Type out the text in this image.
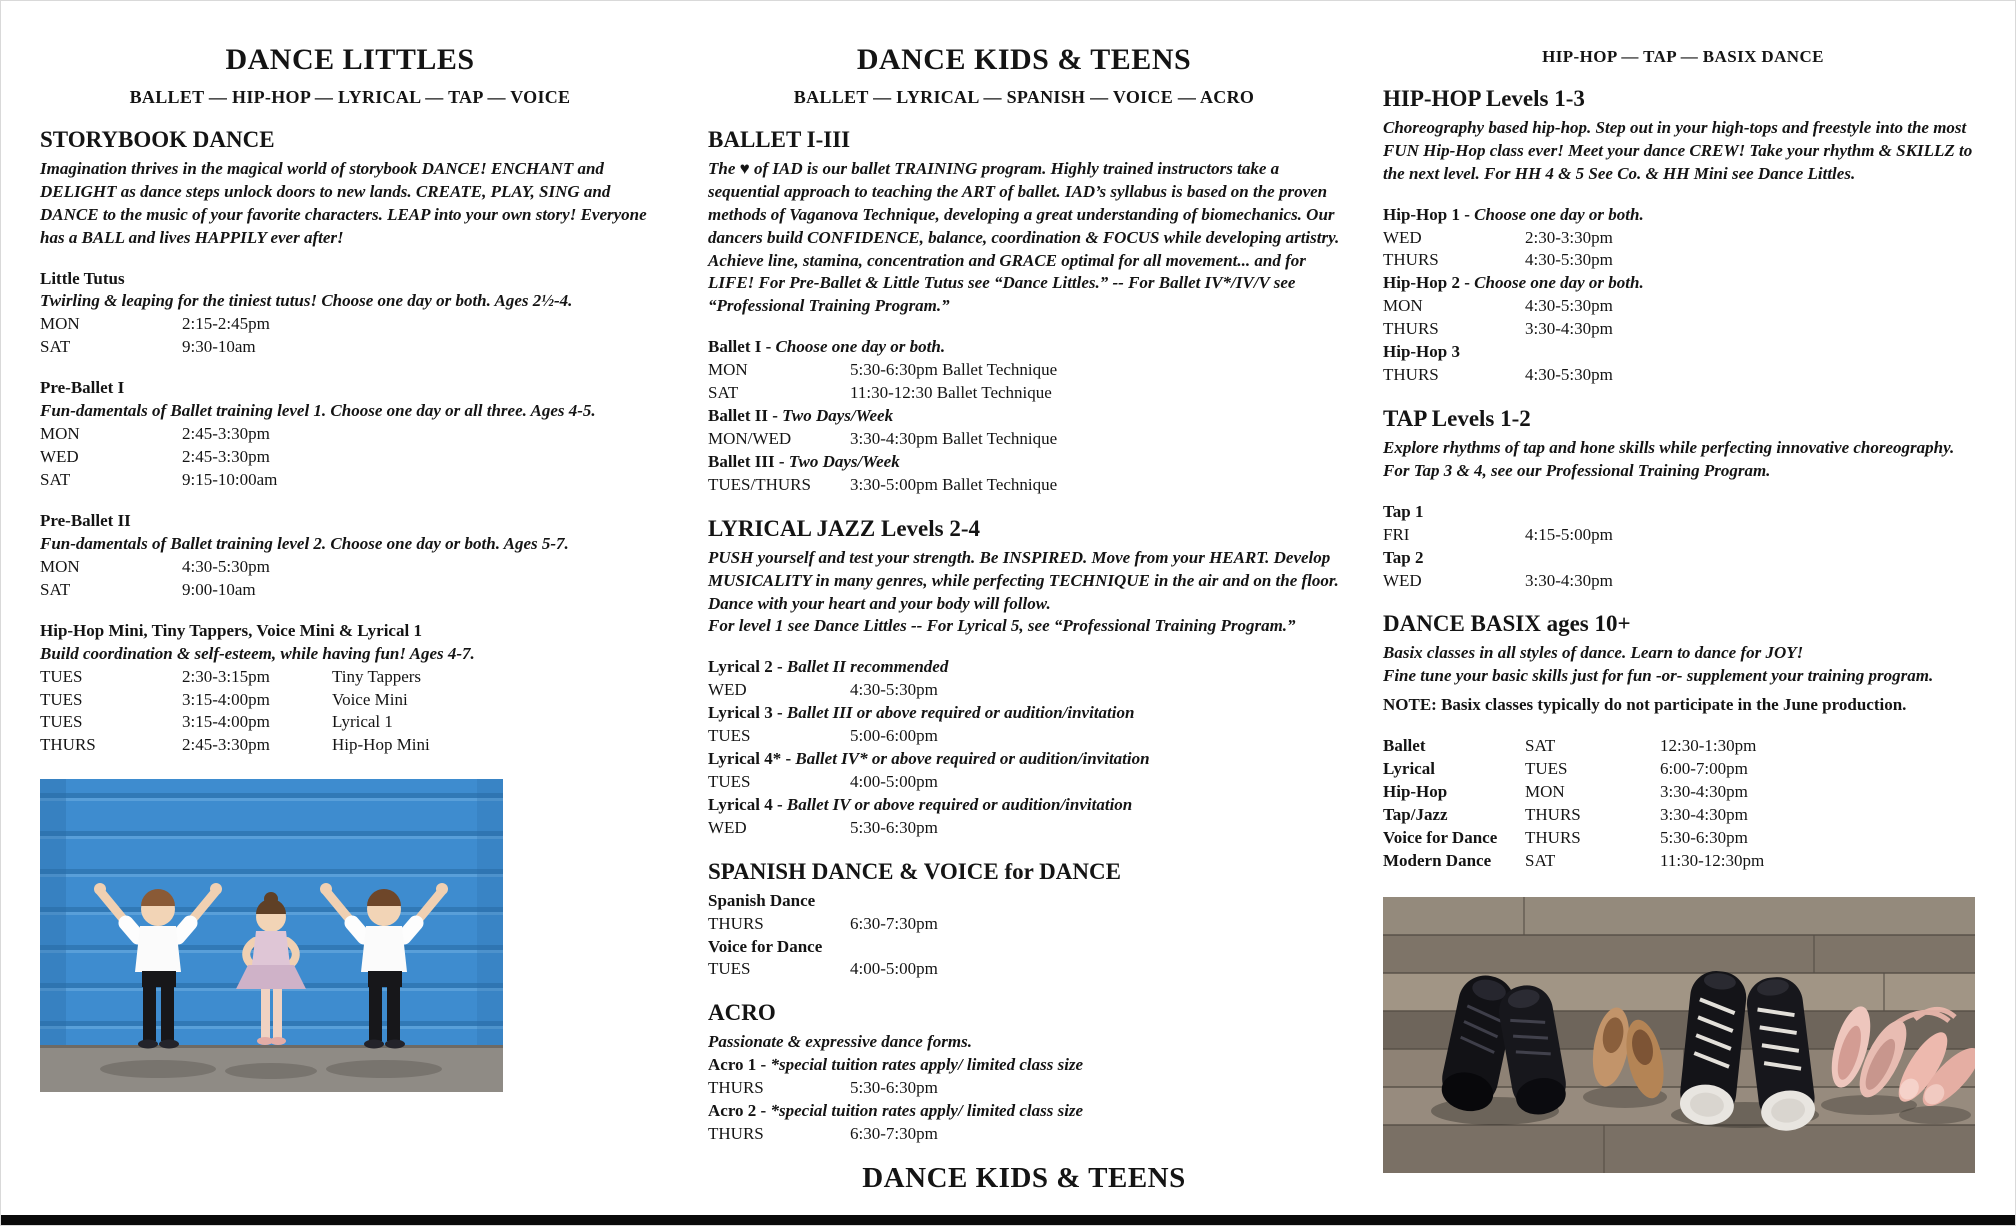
DANCE LITTLES
BALLET — HIP-HOP — LYRICAL — TAP — VOICE
STORYBOOK DANCE
Imagination thrives in the magical world of storybook DANCE! ENCHANT and DELIGHT as dance steps unlock doors to new lands. CREATE, PLAY, SING and DANCE to the music of your favorite characters. LEAP into your own story! Everyone has a BALL and lives HAPPILY ever after!
Little Tutus
Twirling & leaping for the tiniest tutus! Choose one day or both. Ages 2½-4.
MON	2:15-2:45pm
SAT	9:30-10am
Pre-Ballet I
Fun-damentals of Ballet training level 1. Choose one day or all three. Ages 4-5.
MON	2:45-3:30pm
WED	2:45-3:30pm
SAT	9:15-10:00am
Pre-Ballet II
Fun-damentals of Ballet training level 2. Choose one day or both. Ages 5-7.
MON	4:30-5:30pm
SAT	9:00-10am
Hip-Hop Mini, Tiny Tappers, Voice Mini & Lyrical 1
Build coordination & self-esteem, while having fun! Ages 4-7.
TUES	2:30-3:15pm	Tiny Tappers
TUES	3:15-4:00pm	Voice Mini
TUES	3:15-4:00pm	Lyrical 1
THURS	2:45-3:30pm	Hip-Hop Mini
DANCE KIDS & TEENS
BALLET — LYRICAL — SPANISH — VOICE — ACRO
BALLET I-III
The ♥ of IAD is our ballet TRAINING program. Highly trained instructors take a sequential approach to teaching the ART of ballet. IAD’s syllabus is based on the proven methods of Vaganova Technique, developing a great understanding of biomechanics. Our dancers build CONFIDENCE, balance, coordination & FOCUS while developing artistry. Achieve line, stamina, concentration and GRACE optimal for all movement... and for LIFE! For Pre-Ballet & Little Tutus see “Dance Littles.” -- For Ballet IV*/IV/V see “Professional Training Program.”
Ballet I - Choose one day or both.
MON	5:30-6:30pm Ballet Technique
SAT	11:30-12:30 Ballet Technique
Ballet II - Two Days/Week
MON/WED	3:30-4:30pm Ballet Technique
Ballet III - Two Days/Week
TUES/THURS	3:30-5:00pm Ballet Technique
LYRICAL JAZZ Levels 2-4
PUSH yourself and test your strength. Be INSPIRED. Move from your HEART. Develop MUSICALITY in many genres, while perfecting TECHNIQUE in the air and on the floor. Dance with your heart and your body will follow.
For level 1 see Dance Littles -- For Lyrical 5, see “Professional Training Program.”
Lyrical 2 - Ballet II recommended
WED	4:30-5:30pm
Lyrical 3 - Ballet III or above required or audition/invitation
TUES	5:00-6:00pm
Lyrical 4* - Ballet IV* or above required or audition/invitation
TUES	4:00-5:00pm
Lyrical 4 - Ballet IV or above required or audition/invitation
WED	5:30-6:30pm
SPANISH DANCE & VOICE for DANCE
Spanish Dance
THURS	6:30-7:30pm
Voice for Dance
TUES	4:00-5:00pm
ACRO
Passionate & expressive dance forms.
Acro 1 - *special tuition rates apply/ limited class size
THURS	5:30-6:30pm
Acro 2 - *special tuition rates apply/ limited class size
THURS	6:30-7:30pm
DANCE KIDS & TEENS
HIP-HOP — TAP — BASIX DANCE
HIP-HOP Levels 1-3
Choreography based hip-hop. Step out in your high-tops and freestyle into the most FUN Hip-Hop class ever! Meet your dance CREW! Take your rhythm & SKILLZ to the next level. For HH 4 & 5 See Co. & HH Mini see Dance Littles.
Hip-Hop 1 - Choose one day or both.
WED	2:30-3:30pm
THURS	4:30-5:30pm
Hip-Hop 2 - Choose one day or both.
MON	4:30-5:30pm
THURS	3:30-4:30pm
Hip-Hop 3
THURS	4:30-5:30pm
TAP Levels 1-2
Explore rhythms of tap and hone skills while perfecting innovative choreography. For Tap 3 & 4, see our Professional Training Program.
Tap 1
FRI	4:15-5:00pm
Tap 2
WED	3:30-4:30pm
DANCE BASIX ages 10+
Basix classes in all styles of dance. Learn to dance for JOY!
Fine tune your basic skills just for fun -or- supplement your training program.
NOTE: Basix classes typically do not participate in the June production.
Ballet	SAT	12:30-1:30pm
Lyrical	TUES	6:00-7:00pm
Hip-Hop	MON	3:30-4:30pm
Tap/Jazz	THURS	3:30-4:30pm
Voice for Dance	THURS	5:30-6:30pm
Modern Dance	SAT	11:30-12:30pm
